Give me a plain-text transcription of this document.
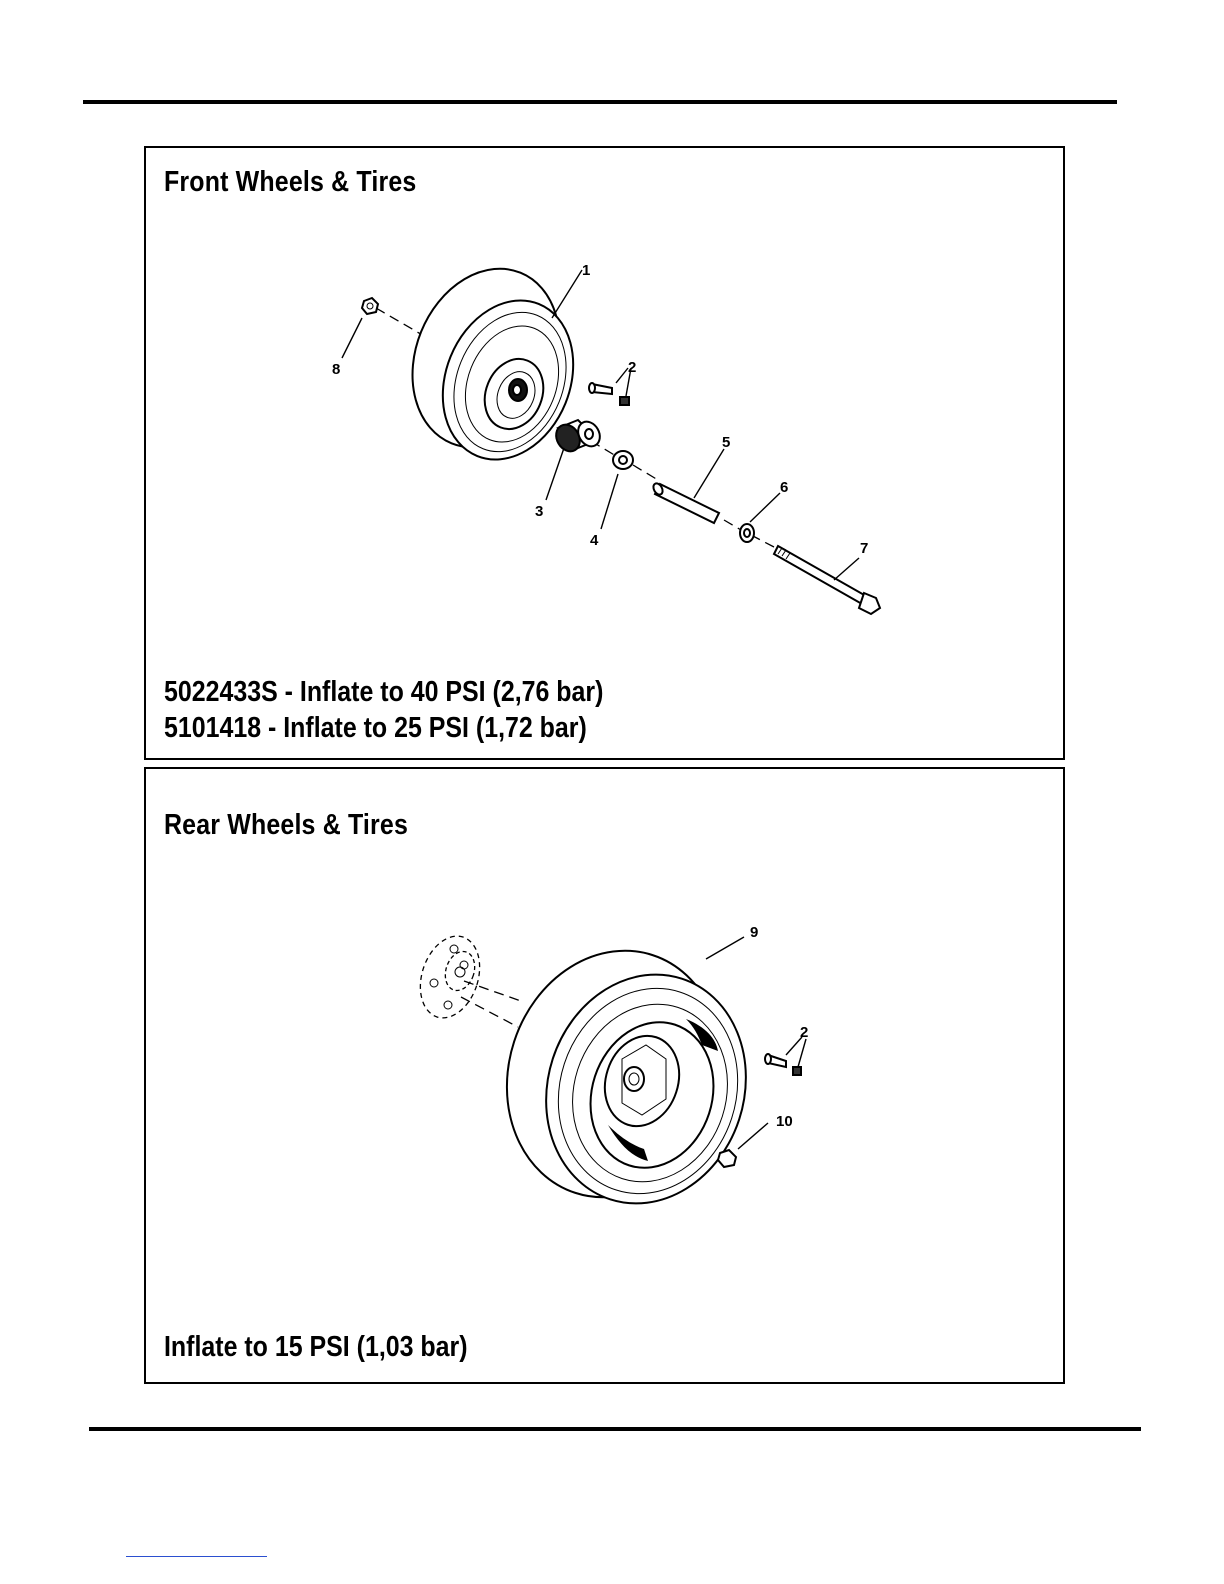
Front Wheels & Tires
1
2
3
4
5
6
7
8
5022433S - Inflate to 40 PSI (2,76 bar)
5101418 - Inflate to 25 PSI (1,72 bar)
Rear Wheels & Tires
9
2
10
Inflate to 15 PSI (1,03 bar)
